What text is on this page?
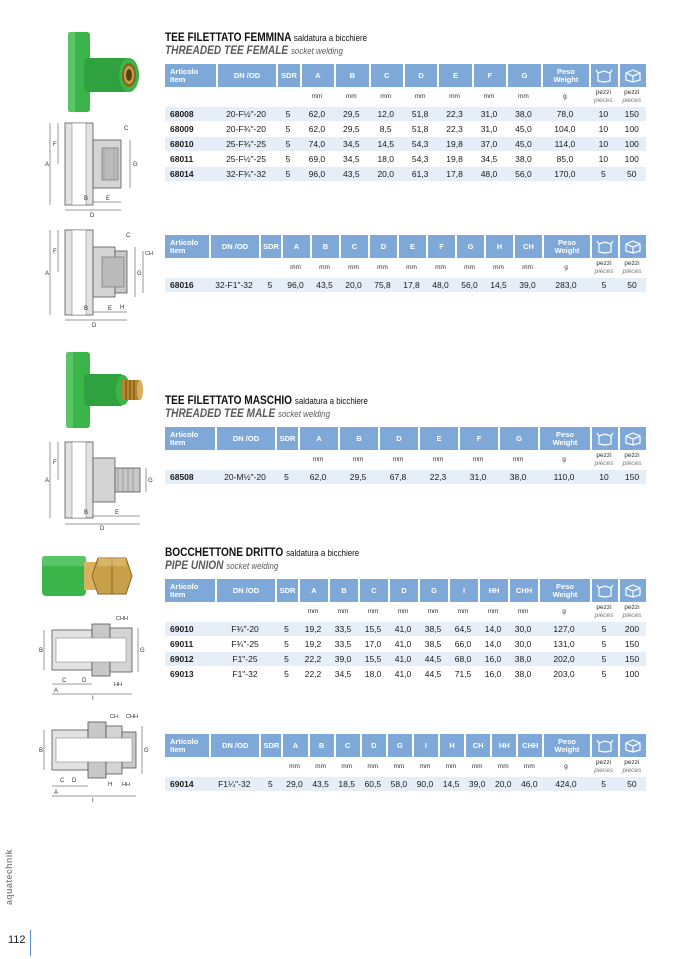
TEE FILETTATO FEMMINA saldatura a bicchiere
THREADED TEE FEMALE socket welding
A
F
B
D
E
G
C
Articolo
Item	DN /OD	SDR	A	B	C	D	E	F	G	Peso
Weight		
			mm	mm	mm	mm	mm	mm	mm	g	pezzi
pieces	pezzi
pieces
68008	20-F½"-20	5	62,0	29,5	12,0	51,8	22,3	31,0	38,0	78,0	10	150
68009	20-F¾"-20	5	62,0	29,5	8,5	51,8	22,3	31,0	45,0	104,0	10	100
68010	25-F¾"-25	5	74,0	34,5	14,5	54,3	19,8	37,0	45,0	114,0	10	100
68011	25-F½"-25	5	69,0	34,5	18,0	54,3	19,8	34,5	38,0	85,0	10	100
68014	32-F¾"-32	5	96,0	43,5	20,0	61,3	17,8	48,0	56,0	170,0	5	50
A
F
B
D
E
G
C
H
CH
Articolo
Item	DN /OD	SDR	A	B	C	D	E	F	G	H	CH	Peso
Weight		
			mm	mm	mm	mm	mm	mm	mm	mm	mm	g	pezzi
pieces	pezzi
pieces
68016	32-F1"-32	5	96,0	43,5	20,0	75,8	17,8	48,0	56,0	14,5	39,0	283,0	5	50
TEE FILETTATO MASCHIO saldatura a bicchiere
THREADED TEE MALE socket welding
A
F
B
D
E
G
Articolo
Item	DN /OD	SDR	A	B	D	E	F	G	Peso
Weight		
			mm	mm	mm	mm	mm	mm	g	pezzi
pieces	pezzi
pieces
68508	20-M½"-20	5	62,0	29,5	67,8	22,3	31,0	38,0	110,0	10	150
BOCCHETTONE DRITTO saldatura a bicchiere
PIPE UNION socket welding
CHH
B	G
C	D
A
HH
I
Articolo
Item	DN /OD	SDR	A	B	C	D	G	I	HH	CHH	Peso
Weight		
			mm	mm	mm	mm	mm	mm	mm	mm	g	pezzi
pieces	pezzi
pieces
69010	F¾"-20	5	19,2	33,5	15,5	41,0	38,5	64,5	14,0	30,0	127,0	5	200
69011	F¾"-25	5	19,2	33,5	17,0	41,0	38,5	66,0	14,0	30,0	131,0	5	150
69012	F1"-25	5	22,2	39,0	15,5	41,0	44,5	68,0	16,0	38,0	202,0	5	150
69013	F1"-32	5	22,2	34,5	18,0	41,0	44,5	71,5	16,0	38,0	203,0	5	100
CH CHH
B	G
D
C
A
H HH
I
Articolo
Item	DN /OD	SDR	A	B	C	D	G	I	H	CH	HH	CHH	Peso
Weight		
			mm	mm	mm	mm	mm	mm	mm	mm	mm	mm	g	pezzi
pieces	pezzi
pieces
69014	F1¼"-32	5	29,0	43,5	18,5	60,5	58,0	90,0	14,5	39,0	20,0	46,0	424,0	5	50
aquatechnik
112
